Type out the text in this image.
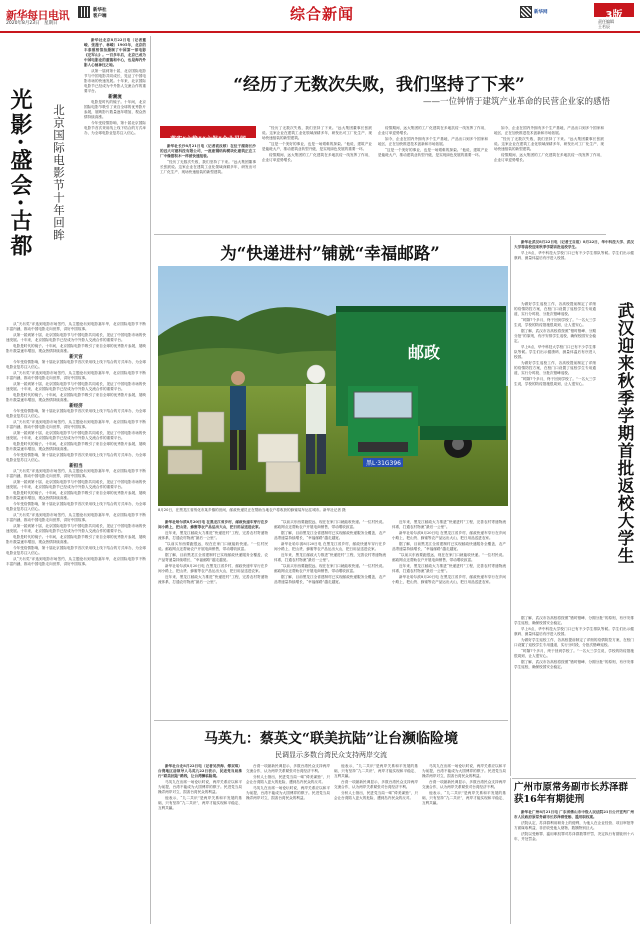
新华每日电讯
2020年8月23日 星期日
新华社
客户端	综合新闻	新华网	3版
责任编辑
王若辰
光影·盛会·古都 北京国际电影节十年回眸

新华社北京8月22日电（记者董峻、张漫子、林嵘）1905年，北京的丰泰照相馆拍摄制了中国第一部电影《定军山》。一百多年后，北京已成为中国电影业的重镇和中心，也是海内外影人心驰神往之地。

从第一届到第十届，北京国际电影节与中国电影共同成长，见证了中国电影市场的快速发展。十年来，北京国际电影节已经成为中外影人交流合作的重要平台。

新潮流

电影是时代的镜子。十年间，北京国际电影节吸引了来自全球的优秀影片参展，展映影片数量逐年增加，观众热情持续高涨。

今年受疫情影响，第十届北京国际电影节首次采用线上线下结合的方式举办，为全球电影业复苏注入信心。

从“天坛奖”评选到电影市场签约，从主题论坛到电影嘉年华，北京国际电影节不断丰富内涵，推动中国电影走向世界，讲好中国故事。

从第一届到第十届，北京国际电影节与中国电影共同成长，见证了中国电影市场的快速发展。十年来，北京国际电影节已经成为中外影人交流合作的重要平台。

电影是时代的镜子。十年间，北京国际电影节吸引了来自全球的优秀影片参展，展映影片数量逐年增加，观众热情持续高涨。

新天宫

今年受疫情影响，第十届北京国际电影节首次采用线上线下结合的方式举办，为全球电影业复苏注入信心。

从“天坛奖”评选到电影市场签约，从主题论坛到电影嘉年华，北京国际电影节不断丰富内涵，推动中国电影走向世界，讲好中国故事。

从第一届到第十届，北京国际电影节与中国电影共同成长，见证了中国电影市场的快速发展。十年来，北京国际电影节已经成为中外影人交流合作的重要平台。

电影是时代的镜子。十年间，北京国际电影节吸引了来自全球的优秀影片参展，展映影片数量逐年增加，观众热情持续高涨。

新经济

今年受疫情影响，第十届北京国际电影节首次采用线上线下结合的方式举办，为全球电影业复苏注入信心。

从“天坛奖”评选到电影市场签约，从主题论坛到电影嘉年华，北京国际电影节不断丰富内涵，推动中国电影走向世界，讲好中国故事。

从第一届到第十届，北京国际电影节与中国电影共同成长，见证了中国电影市场的快速发展。十年来，北京国际电影节已经成为中外影人交流合作的重要平台。

电影是时代的镜子。十年间，北京国际电影节吸引了来自全球的优秀影片参展，展映影片数量逐年增加，观众热情持续高涨。

今年受疫情影响，第十届北京国际电影节首次采用线上线下结合的方式举办，为全球电影业复苏注入信心。

新担当

从“天坛奖”评选到电影市场签约，从主题论坛到电影嘉年华，北京国际电影节不断丰富内涵，推动中国电影走向世界，讲好中国故事。

从第一届到第十届，北京国际电影节与中国电影共同成长，见证了中国电影市场的快速发展。十年来，北京国际电影节已经成为中外影人交流合作的重要平台。

电影是时代的镜子。十年间，北京国际电影节吸引了来自全球的优秀影片参展，展映影片数量逐年增加，观众热情持续高涨。

今年受疫情影响，第十届北京国际电影节首次采用线上线下结合的方式举办，为全球电影业复苏注入信心。

从“天坛奖”评选到电影市场签约，从主题论坛到电影嘉年华，北京国际电影节不断丰富内涵，推动中国电影走向世界，讲好中国故事。

从第一届到第十届，北京国际电影节与中国电影共同成长，见证了中国电影市场的快速发展。十年来，北京国际电影节已经成为中外影人交流合作的重要平台。

电影是时代的镜子。十年间，北京国际电影节吸引了来自全球的优秀影片参展，展映影片数量逐年增加，观众热情持续高涨。

今年受疫情影响，第十届北京国际电影节首次采用线上线下结合的方式举办，为全球电影业复苏注入信心。

从“天坛奖”评选到电影市场签约，从主题论坛到电影嘉年华，北京国际电影节不断丰富内涵，推动中国电影走向世界，讲好中国故事。

“经历了无数次失败，我们坚持了下来”
——一位钟情于建筑产业革命的民营企业家的感悟
落实“六稳”“六保”企业见闻

新华社长沙8月21日电（记者袁汝婷）在位于湖南长沙的远大可建科技有限公司，一座座钢结构模块化建筑正在工厂中像搭积木一样被快速组装。

“经历了无数次失败，我们坚持了下来。”远大集团董事长张跃说。这家企业在建筑工业化领域深耕多年，研发出可工厂化生产、现场快速组装的新型建筑。

“经历了无数次失败，我们坚持了下来。”远大集团董事长张跃说。这家企业在建筑工业化领域深耕多年，研发出可工厂化生产、现场快速组装的新型建筑。

“这是一个美好的事业，也是一场艰难的探索。”他说，建筑产业是能耗大户，推动建筑业转型升级，是实现绿色发展的重要一环。

疫情期间，远大集团的工厂化建筑在多地抗疫一线发挥了作用，企业订单逆势增长。

疫情期间，远大集团的工厂化建筑在多地抗疫一线发挥了作用，企业订单逆势增长。

如今，企业在国内外拥有多个生产基地，产品出口到多个国家和地区，正在加快推进技术创新和市场拓展。

“这是一个美好的事业，也是一场艰难的探索。”他说，建筑产业是能耗大户，推动建筑业转型升级，是实现绿色发展的重要一环。

如今，企业在国内外拥有多个生产基地，产品出口到多个国家和地区，正在加快推进技术创新和市场拓展。

“经历了无数次失败，我们坚持了下来。”远大集团董事长张跃说。这家企业在建筑工业化领域深耕多年，研发出可工厂化生产、现场快速组装的新型建筑。

疫情期间，远大集团的工厂化建筑在多地抗疫一线发挥了作用，企业订单逆势增长。

新华社武汉8月22日电（记者王自宸）8月22日，华中科技大学、武汉大学等高校迎来秋季学期首批返校学生。

早上8点，华中科技大学校门口已有不少学生排队等候。学生们出示健康码、测量体温后有序进入校园。

武汉迎来秋季学期首批返校大学生

为做好学生返校工作，各高校提前制定了详细的疫情防控方案，在校门口设置了返校学生专用通道，实行分时段、分批次错峰返校。

“时隔7个多月，终于回到学校了。”一名大三学生说，学校的防疫措施很周到，让人很安心。

据了解，武汉市各高校将按照“错时错峰、分期分批”的原则，有序安排学生返校，确保校园安全稳定。

早上8点，华中科技大学校门口已有不少学生排队等候。学生们出示健康码、测量体温后有序进入校园。

为做好学生返校工作，各高校提前制定了详细的疫情防控方案，在校门口设置了返校学生专用通道，实行分时段、分批次错峰返校。

“时隔7个多月，终于回到学校了。”一名大三学生说，学校的防疫措施很周到，让人很安心。

据了解，武汉市各高校将按照“错时错峰、分期分批”的原则，有序安排学生返校，确保校园安全稳定。

早上8点，华中科技大学校门口已有不少学生排队等候。学生们出示健康码、测量体温后有序进入校园。

为做好学生返校工作，各高校提前制定了详细的疫情防控方案，在校门口设置了返校学生专用通道，实行分时段、分批次错峰返校。

“时隔7个多月，终于回到学校了。”一名大三学生说，学校的防疫措施很周到，让人很安心。

据了解，武汉市各高校将按照“错时错峰、分期分批”的原则，有序安排学生返校，确保校园安全稳定。

为“快递进村”铺就“幸福邮路”
邮政
黑L·31G396
8月20日，在黑龙江省绥化市某乡镇的田间，邮政快递员正在帮助当地农户将收获的蜂蜜装车运往城市。新华社记者 摄

新华社哈尔滨8月20日电 在黑龙江省乡村，邮政快递车穿行在乡间小路上，把山货、蜂蜜等农产品运出大山，把日用品送进农家。

近年来，黑龙江邮政大力推进“快递进村”工程，完善农村寄递物流体系，打通农村物流“最后一公里”。

“以前买东西要跑很远，现在在家门口就能收快递。”一位村民说。邮政网点还帮助农户开展电商销售，带动增收致富。

据了解，目前黑龙江全省建制村已实现邮政快递服务全覆盖，农产品寄递量持续增长，“幸福邮路”越走越宽。

新华社哈尔滨8月20日电 在黑龙江省乡村，邮政快递车穿行在乡间小路上，把山货、蜂蜜等农产品运出大山，把日用品送进农家。

近年来，黑龙江邮政大力推进“快递进村”工程，完善农村寄递物流体系，打通农村物流“最后一公里”。

“以前买东西要跑很远，现在在家门口就能收快递。”一位村民说。邮政网点还帮助农户开展电商销售，带动增收致富。

据了解，目前黑龙江全省建制村已实现邮政快递服务全覆盖，农产品寄递量持续增长，“幸福邮路”越走越宽。

新华社哈尔滨8月20日电 在黑龙江省乡村，邮政快递车穿行在乡间小路上，把山货、蜂蜜等农产品运出大山，把日用品送进农家。

近年来，黑龙江邮政大力推进“快递进村”工程，完善农村寄递物流体系，打通农村物流“最后一公里”。

“以前买东西要跑很远，现在在家门口就能收快递。”一位村民说。邮政网点还帮助农户开展电商销售，带动增收致富。

据了解，目前黑龙江全省建制村已实现邮政快递服务全覆盖，农产品寄递量持续增长，“幸福邮路”越走越宽。

近年来，黑龙江邮政大力推进“快递进村”工程，完善农村寄递物流体系，打通农村物流“最后一公里”。

新华社哈尔滨8月20日电 在黑龙江省乡村，邮政快递车穿行在乡间小路上，把山货、蜂蜜等农产品运出大山，把日用品送进农家。

据了解，目前黑龙江全省建制村已实现邮政快递服务全覆盖，农产品寄递量持续增长，“幸福邮路”越走越宽。

“以前买东西要跑很远，现在在家门口就能收快递。”一位村民说。邮政网点还帮助农户开展电商销售，带动增收致富。

近年来，黑龙江邮政大力推进“快递进村”工程，完善农村寄递物流体系，打通农村物流“最后一公里”。

新华社哈尔滨8月20日电 在黑龙江省乡村，邮政快递车穿行在乡间小路上，把山货、蜂蜜等农产品运出大山，把日用品送进农家。

马英九：蔡英文“联美抗陆”让台濒临险境
民调显示多数台湾民众支持两岸交流

新华社台北8月22日电（记者吴济海、傅双琪）台湾地区前领导人马英九22日表示，民进党当局推行“联美抗陆”路线，让台湾濒临险境。

马英九在出席一场论坛时说，两岸关系应以和平为前提，台湾不能成为大国博弈的棋子。民进党当局操弄两岸对立，损害台湾民众的利益。

他表示，“九二共识”是两岸关系和平发展的基础，只有坚持“九二共识”，两岸才能实现和平稳定、互利共赢。

台湾一项最新民调显示，多数台湾民众支持两岸交流合作，认为两岸关系紧张对台湾经济不利。

分析人士指出，民进党当局一味“倚美谋独”，只会让台湾陷入更大的危险，遭到岛内民众的反对。

马英九在出席一场论坛时说，两岸关系应以和平为前提，台湾不能成为大国博弈的棋子。民进党当局操弄两岸对立，损害台湾民众的利益。

他表示，“九二共识”是两岸关系和平发展的基础，只有坚持“九二共识”，两岸才能实现和平稳定、互利共赢。

台湾一项最新民调显示，多数台湾民众支持两岸交流合作，认为两岸关系紧张对台湾经济不利。

分析人士指出，民进党当局一味“倚美谋独”，只会让台湾陷入更大的危险，遭到岛内民众的反对。

马英九在出席一场论坛时说，两岸关系应以和平为前提，台湾不能成为大国博弈的棋子。民进党当局操弄两岸对立，损害台湾民众的利益。

台湾一项最新民调显示，多数台湾民众支持两岸交流合作，认为两岸关系紧张对台湾经济不利。

他表示，“九二共识”是两岸关系和平发展的基础，只有坚持“九二共识”，两岸才能实现和平稳定、互利共赢。

广州市原常务副市长苏泽群获16年有期徒刑

新华社广州8月21日电 广东省佛山市中级人民法院21日公开宣判广州市人民政府原常务副市长苏泽群受贿、滥用职权案。

法院认定，苏泽群利用职务上的便利，为他人在企业经营、项目审批等方面谋取利益，非法收受他人财物，数额特别巨大。

法院以受贿罪、滥用职权罪对苏泽群数罪并罚，决定执行有期徒刑十六年，并处罚金。
